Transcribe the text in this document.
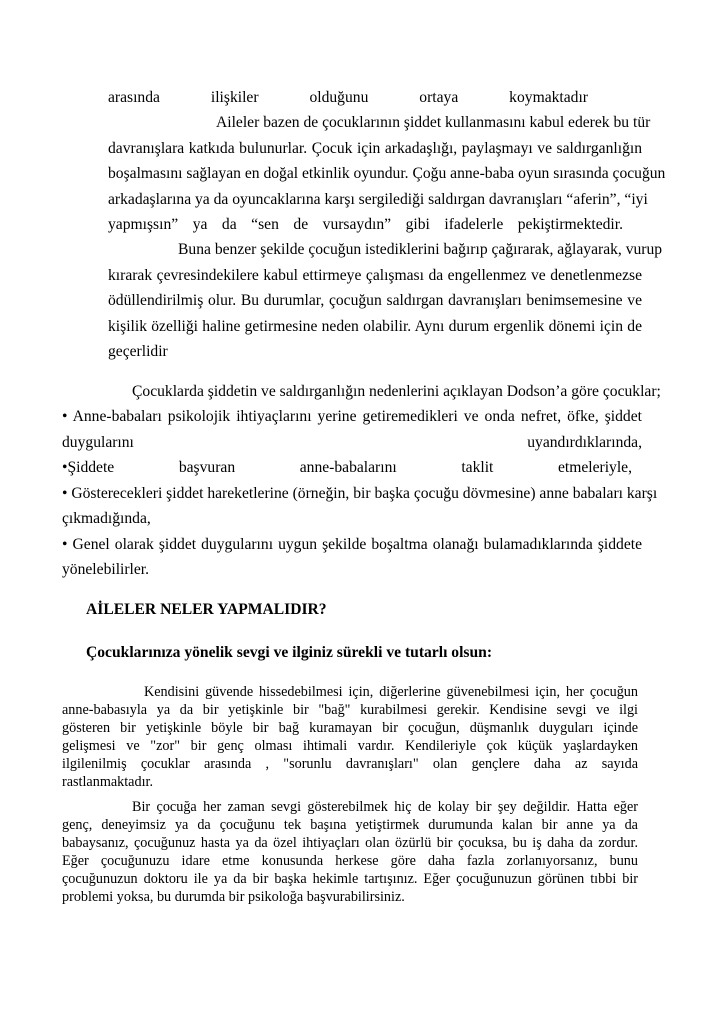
arasında ilişkiler olduğunu ortaya koymaktadır
Aileler bazen de çocuklarının şiddet kullanmasını kabul ederek bu tür
davranışlara katkıda bulunurlar. Çocuk için arkadaşlığı, paylaşmayı ve saldırganlığın
boşalmasını sağlayan en doğal etkinlik oyundur. Çoğu anne-baba oyun sırasında çocuğun
arkadaşlarına ya da oyuncaklarına karşı sergilediği saldırgan davranışları “aferin”, “iyi
yapmışsın” ya da “sen de vursaydın” gibi ifadelerle pekiştirmektedir.
Buna benzer şekilde çocuğun istediklerini bağırıp çağırarak, ağlayarak, vurup
kırarak çevresindekilere kabul ettirmeye çalışması da engellenmez ve denetlenmezse
ödüllendirilmiş olur. Bu durumlar, çocuğun saldırgan davranışları benimsemesine ve
kişilik özelliği haline getirmesine neden olabilir. Aynı durum ergenlik dönemi için de
geçerlidir
Çocuklarda şiddetin ve saldırganlığın nedenlerini açıklayan Dodson’a göre çocuklar;
• Anne-babaları psikolojik ihtiyaçlarını yerine getiremedikleri ve onda nefret, öfke, şiddet
duygularını uyandırdıklarında,
•Şiddete başvuran anne-babalarını taklit etmeleriyle,
• Gösterecekleri şiddet hareketlerine (örneğin, bir başka çocuğu dövmesine) anne babaları karşı
çıkmadığında,
• Genel olarak şiddet duygularını uygun şekilde boşaltma olanağı bulamadıklarında şiddete
yönelebilirler.
AİLELER NELER YAPMALIDIR?
Çocuklarınıza yönelik sevgi ve ilginiz sürekli ve tutarlı olsun:
Kendisini güvende hissedebilmesi için, diğerlerine güvenebilmesi için, her çocuğun
anne-babasıyla ya da bir yetişkinle bir "bağ" kurabilmesi gerekir. Kendisine sevgi ve ilgi
gösteren bir yetişkinle böyle bir bağ kuramayan bir çocuğun, düşmanlık duyguları içinde
gelişmesi ve "zor" bir genç olması ihtimali vardır. Kendileriyle çok küçük yaşlardayken
ilgilenilmiş çocuklar arasında , "sorunlu davranışları" olan gençlere daha az sayıda
rastlanmaktadır.
Bir çocuğa her zaman sevgi gösterebilmek hiç de kolay bir şey değildir. Hatta eğer
genç, deneyimsiz ya da çocuğunu tek başına yetiştirmek durumunda kalan bir anne ya da
babaysanız, çocuğunuz hasta ya da özel ihtiyaçları olan özürlü bir çocuksa, bu iş daha da zordur.
Eğer çocuğunuzu idare etme konusunda herkese göre daha fazla zorlanıyorsanız, bunu
çocuğunuzun doktoru ile ya da bir başka hekimle tartışınız. Eğer çocuğunuzun görünen tıbbi bir
problemi yoksa, bu durumda bir psikoloğa başvurabilirsiniz.
